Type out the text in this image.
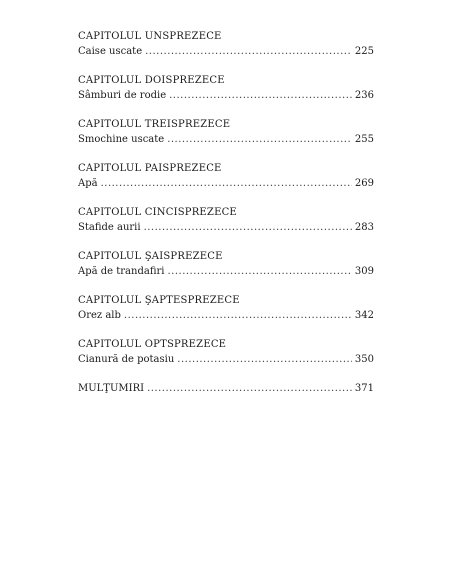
CAPITOLUL UNSPREZECE
Caise uscate .....	225
CAPITOLUL DOISPREZECE
Sâmburi de rodie .....	236
CAPITOLUL TREISPREZECE
Smochine uscate .....	255
CAPITOLUL PAISPREZECE
Apă .....	269
CAPITOLUL CINCISPREZECE
Stafide aurii .....	283
CAPITOLUL ŞAISPREZECE
Apă de trandafiri .....	309
CAPITOLUL ŞAPTESPREZECE
Orez alb .....	342
CAPITOLUL OPTSPREZECE
Cianură de potasiu .....	350
MULŢUMIRI .....	371
